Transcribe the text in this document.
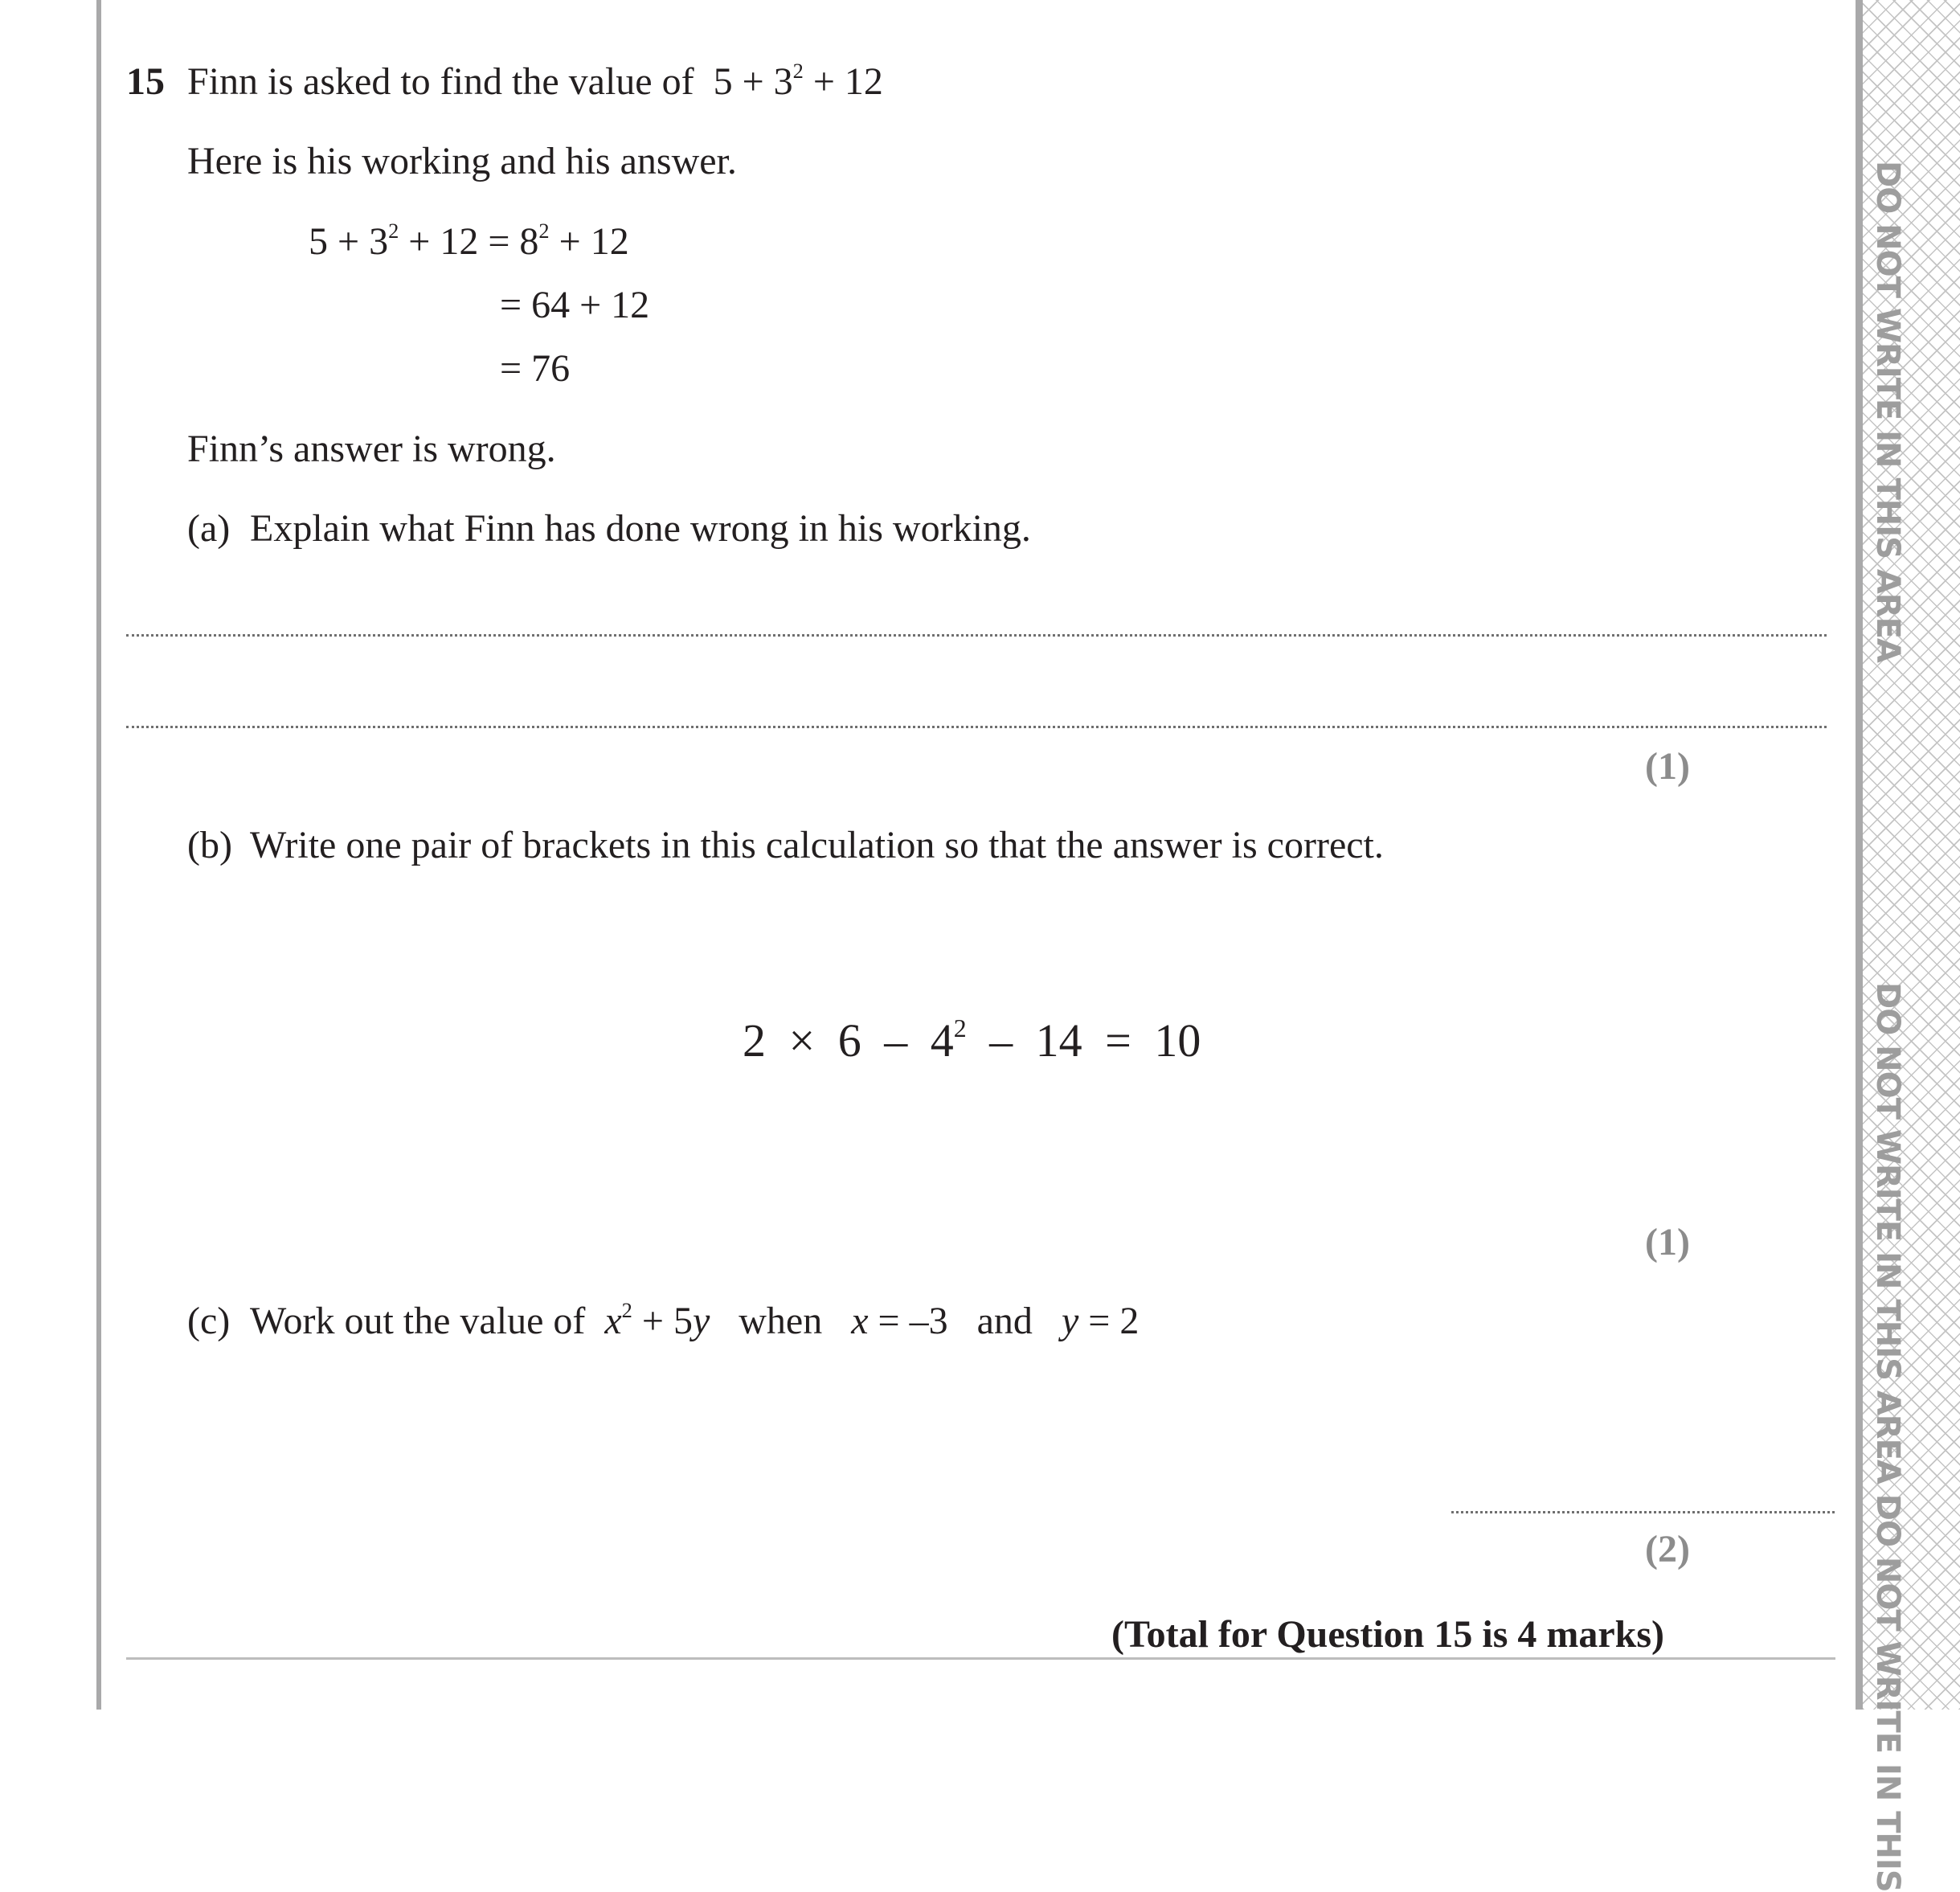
DO NOT WRITE IN THIS AREA
DO NOT WRITE IN THIS AREA DO NOT WRITE IN THIS
15 Finn is asked to find the value of $5 + 3^2 + 12$
Here is his working and his answer.
$5 + 3^2 + 12 = 8^2 + 12$
= 64 + 12
= 76
Finn’s answer is wrong.
(a) Explain what Finn has done wrong in his working.
(1)
(b) Write one pair of brackets in this calculation so that the answer is correct.
$2 \times 6 - 4^2 - 14 = 10$
(1)
(c) Work out the value of $x^2 + 5y$ when x = –3 and y = 2
(2)
(Total for Question 15 is 4 marks)
